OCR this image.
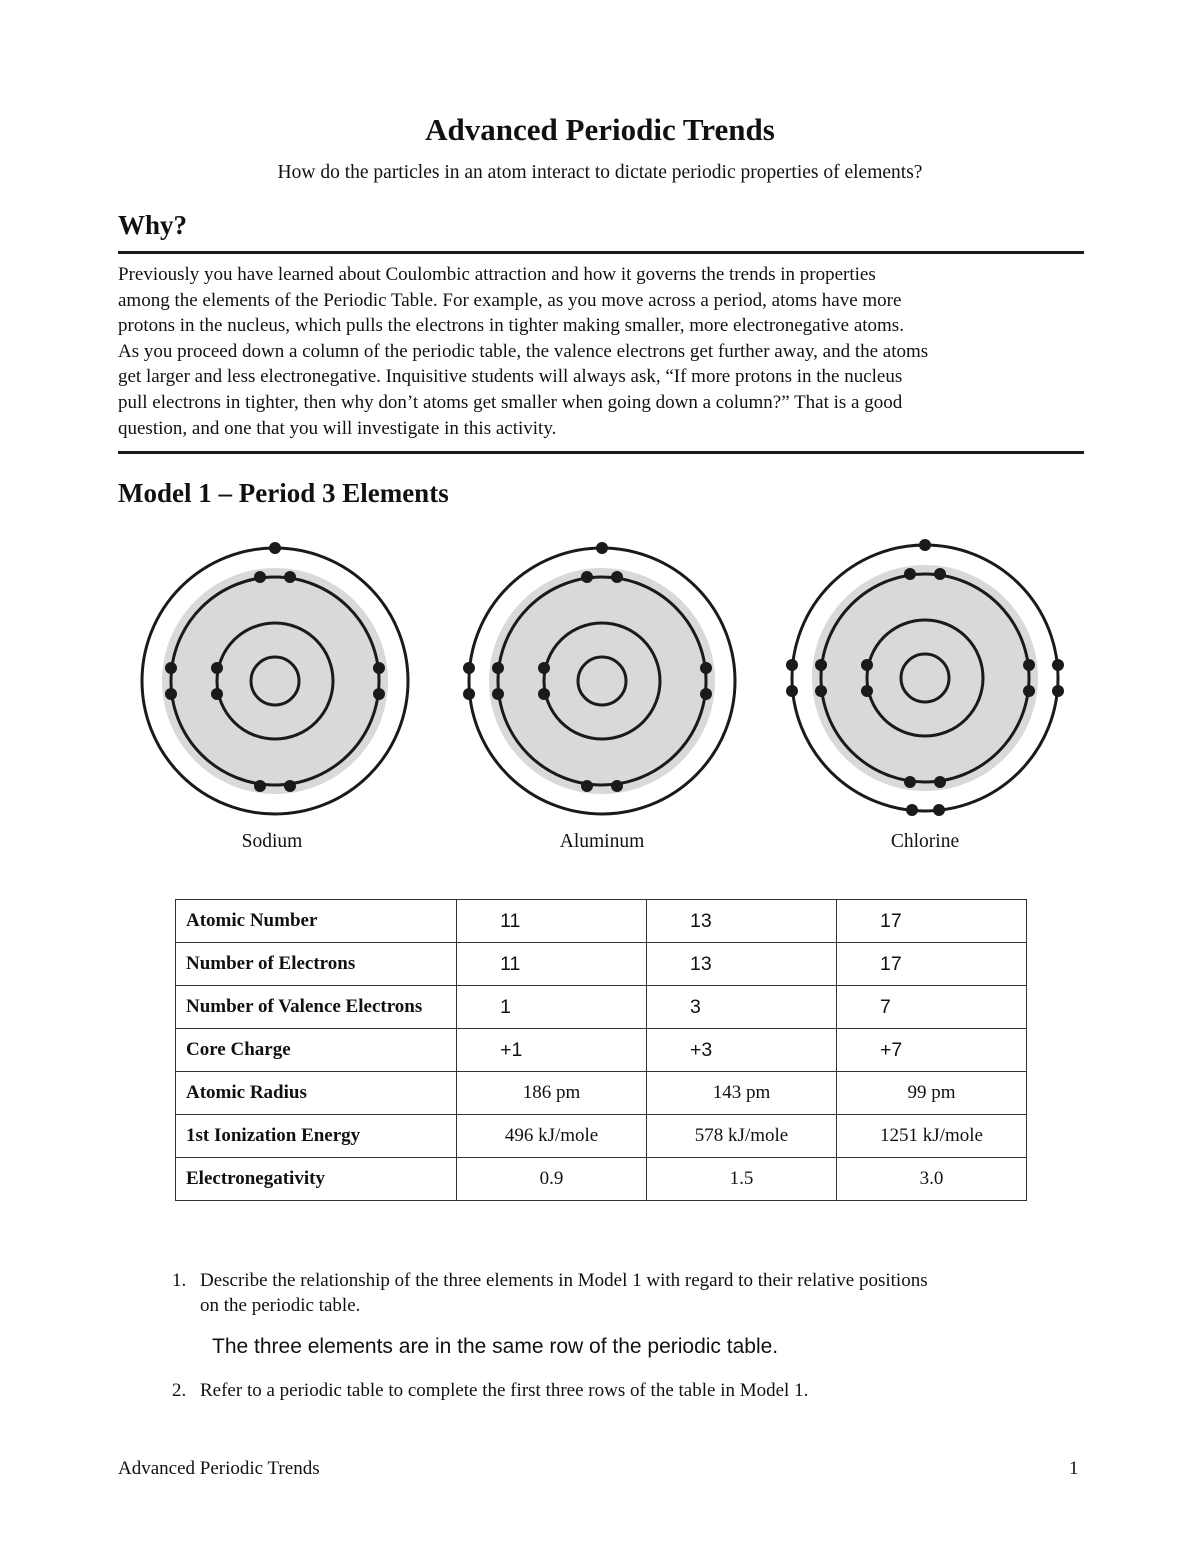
Advanced Periodic Trends
How do the particles in an atom interact to dictate periodic properties of elements?
Why?
Previously you have learned about Coulombic attraction and how it governs the trends in properties
among the elements of the Periodic Table. For example, as you move across a period, atoms have more
protons in the nucleus, which pulls the electrons in tighter making smaller, more electronegative atoms.
As you proceed down a column of the periodic table, the valence electrons get further away, and the atoms
get larger and less electronegative. Inquisitive students will always ask, “If more protons in the nucleus
pull electrons in tighter, then why don’t atoms get smaller when going down a column?” That is a good
question, and one that you will investigate in this activity.
Model 1 – Period 3 Elements
Sodium	Aluminum	Chlorine
Atomic Number	11	13	17
Number of Electrons	11	13	17
Number of Valence Electrons	1	3	7
Core Charge	+1	+3	+7
Atomic Radius	186 pm	143 pm	99 pm
1st Ionization Energy	496 kJ/mole	578 kJ/mole	1251 kJ/mole
Electronegativity	0.9	1.5	3.0
1. Describe the relationship of the three elements in Model 1 with regard to their relative positions
on the periodic table.
The three elements are in the same row of the periodic table.
2. Refer to a periodic table to complete the first three rows of the table in Model 1.
Advanced Periodic Trends	1
